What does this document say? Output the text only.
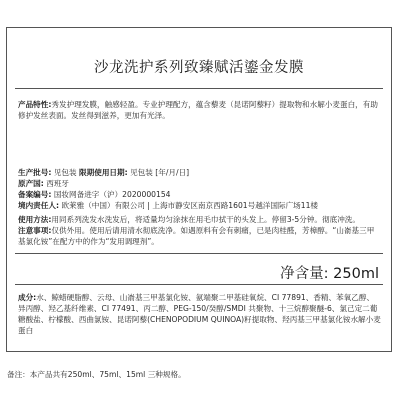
沙龙洗护系列致臻赋活鎏金发膜
产品特性:秀发护理发膜，触感轻盈。专业护理配方，蕴含藜麦（昆诺阿藜籽）提取物和水解小麦蛋白，有助修护发丝表面。发丝得到滋养，更加有光泽。
生产批号: 见包装 限期使用日期: 见包装 [年/月/日]
原产国: 西班牙
备案编号: 国妆网备进字（沪）2020000154
境内责任人: 欧莱雅（中国）有限公司 | 上海市静安区南京西路1601号越洋国际广场11楼
使用方法:用同系列洗发水洗发后，将适量均匀涂抹在用毛巾拭干的头发上。停留3-5分钟。彻底冲洗。
注意事项:仅供外用。使用后请用清水彻底洗净。如遇原料有会有刺痛，已是肉桂醛，芳樟醇。“山嵛基三甲基氯化铵”在配方中的作为“发用调理剂”。
净含量: 250ml
成分:水、鲸蜡硬脂醇、云母、山嵛基三甲基氯化铵、氨端聚二甲基硅氧烷、CI 77891、香精、苯氧乙醇、异丙醇、羟乙基纤维素、CI 77491、丙二醇、PEG-150/癸醇/SMDI 共聚物、十三烷醇聚醚-6、氯己定二葡糖酸盐、柠檬酸、西曲氯铵、昆诺阿藜(CHENOPODIUM QUINOA)籽提取物、羟丙基三甲基氯化铵水解小麦蛋白
备注：本产品共有250ml、75ml、15ml 三种规格。
